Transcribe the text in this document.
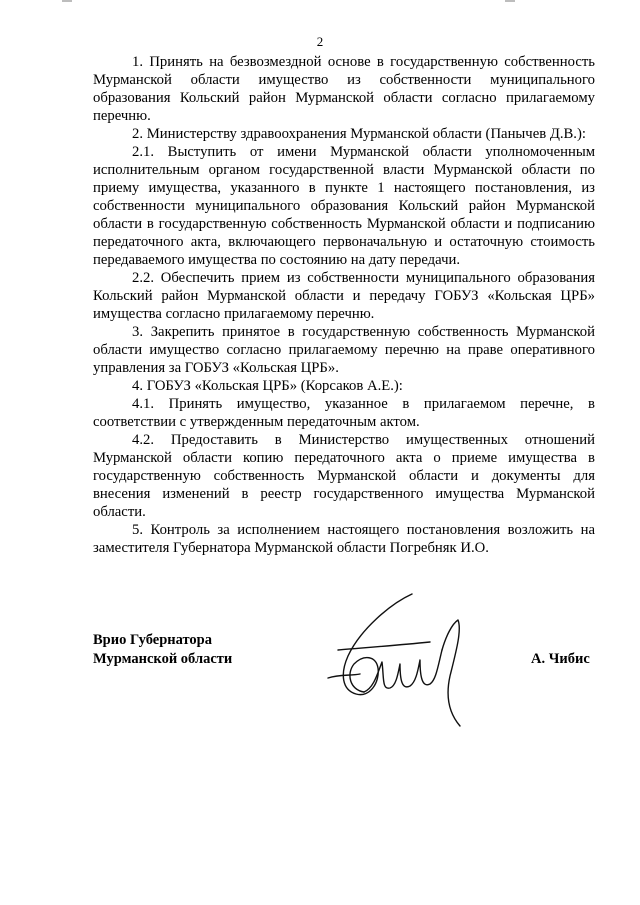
2

1. Принять на безвозмездной основе в государственную собственность Мурманской области имущество из собственности муниципального образования Кольский район Мурманской области согласно прилагаемому перечню.

2. Министерству здравоохранения Мурманской области (Панычев Д.В.):

2.1. Выступить от имени Мурманской области уполномоченным исполнительным органом государственной власти Мурманской области по приему имущества, указанного в пункте 1 настоящего постановления, из собственности муниципального образования Кольский район Мурманской области в государственную собственность Мурманской области и подписанию передаточного акта, включающего первоначальную и остаточную стоимость передаваемого имущества по состоянию на дату передачи.

2.2. Обеспечить прием из собственности муниципального образования Кольский район Мурманской области и передачу ГОБУЗ «Кольская ЦРБ» имущества согласно прилагаемому перечню.

3. Закрепить принятое в государственную собственность Мурманской области имущество согласно прилагаемому перечню на праве оперативного управления за ГОБУЗ «Кольская ЦРБ».

4. ГОБУЗ «Кольская ЦРБ» (Корсаков А.Е.):

4.1. Принять имущество, указанное в прилагаемом перечне, в соответствии с утвержденным передаточным актом.

4.2. Предоставить в Министерство имущественных отношений Мурманской области копию передаточного акта о приеме имущества в государственную собственность Мурманской области и документы для внесения изменений в реестр государственного имущества Мурманской области.

5. Контроль за исполнением настоящего постановления возложить на заместителя Губернатора Мурманской области Погребняк И.О.

Врио Губернатора
Мурманской области	А. Чибис
